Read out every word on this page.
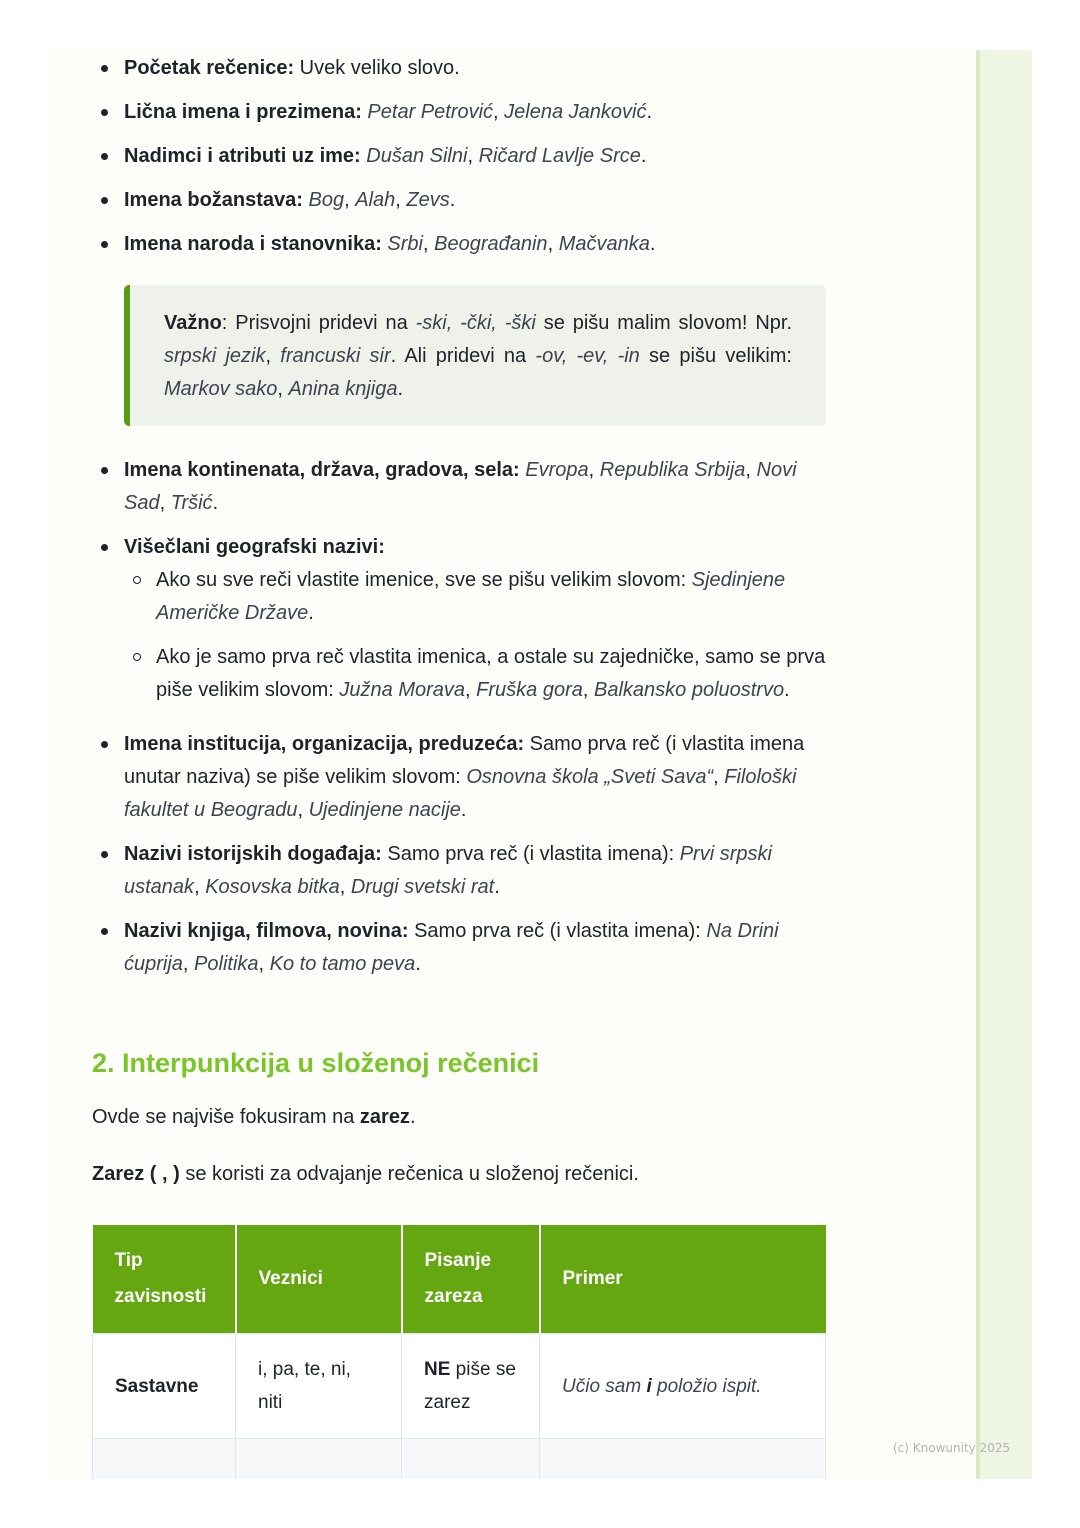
Početak rečenice: Uvek veliko slovo.
Lična imena i prezimena: Petar Petrović, Jelena Janković.
Nadimci i atributi uz ime: Dušan Silni, Ričard Lavlje Srce.
Imena božanstava: Bog, Alah, Zevs.
Imena naroda i stanovnika: Srbi, Beograđanin, Mačvanka.
Važno: Prisvojni pridevi na -ski, -čki, -ški se pišu malim slovom! Npr. srpski jezik, francuski sir. Ali pridevi na -ov, -ev, -in se pišu velikim: Markov sako, Anina knjiga.
Imena kontinenata, država, gradova, sela: Evropa, Republika Srbija, Novi Sad, Tršić.
Višečlani geografski nazivi:
Ako su sve reči vlastite imenice, sve se pišu velikim slovom: Sjedinjene Američke Države.
Ako je samo prva reč vlastita imenica, a ostale su zajedničke, samo se prva piše velikim slovom: Južna Morava, Fruška gora, Balkansko poluostrvo.
Imena institucija, organizacija, preduzeća: Samo prva reč (i vlastita imena unutar naziva) se piše velikim slovom: Osnovna škola „Sveti Sava“, Filološki fakultet u Beogradu, Ujedinjene nacije.
Nazivi istorijskih događaja: Samo prva reč (i vlastita imena): Prvi srpski ustanak, Kosovska bitka, Drugi svetski rat.
Nazivi knjiga, filmova, novina: Samo prva reč (i vlastita imena): Na Drini ćuprija, Politika, Ko to tamo peva.
2. Interpunkcija u složenoj rečenici

Ovde se najviše fokusiram na zarez.

Zarez ( , ) se koristi za odvajanje rečenica u složenoj rečenici.

Tip zavisnosti	Veznici	Pisanje zareza	Primer
Sastavne	i, pa, te, ni, niti	NE piše se zarez	Učio sam i položio ispit.

(c) Knowunity 2025
